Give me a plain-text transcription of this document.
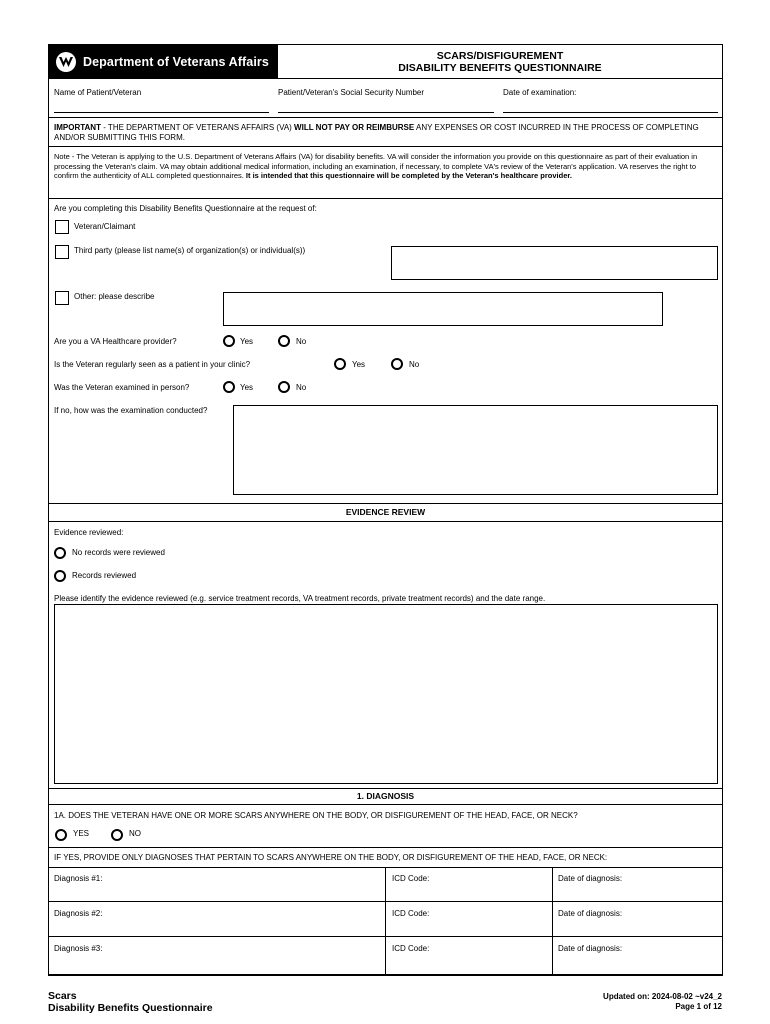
Department of Veterans Affairs	SCARS/DISFIGUREMENT
DISABILITY BENEFITS QUESTIONNAIRE
Name of Patient/Veteran	Patient/Veteran's Social Security Number	Date of examination:
IMPORTANT - THE DEPARTMENT OF VETERANS AFFAIRS (VA) WILL NOT PAY OR REIMBURSE ANY EXPENSES OR COST INCURRED IN THE PROCESS OF COMPLETING AND/OR SUBMITTING THIS FORM.
Note - The Veteran is applying to the U.S. Department of Veterans Affairs (VA) for disability benefits. VA will consider the information you provide on this questionnaire as part of their evaluation in processing the Veteran's claim. VA may obtain additional medical information, including an examination, if necessary, to complete VA's review of the Veteran's application. VA reserves the right to confirm the authenticity of ALL completed questionnaires. It is intended that this questionnaire will be completed by the Veteran's healthcare provider.
Are you completing this Disability Benefits Questionnaire at the request of:
Veteran/Claimant
Third party (please list name(s) of organization(s) or individual(s))
Other: please describe
Are you a VA Healthcare provider?	Yes	No
Is the Veteran regularly seen as a patient in your clinic?	Yes	No
Was the Veteran examined in person?	Yes	No
If no, how was the examination conducted?
EVIDENCE REVIEW
Evidence reviewed:
No records were reviewed
Records reviewed
Please identify the evidence reviewed (e.g. service treatment records, VA treatment records, private treatment records) and the date range.
1. DIAGNOSIS
1A. DOES THE VETERAN HAVE ONE OR MORE SCARS ANYWHERE ON THE BODY, OR DISFIGUREMENT OF THE HEAD, FACE, OR NECK?
YES	NO
IF YES, PROVIDE ONLY DIAGNOSES THAT PERTAIN TO SCARS ANYWHERE ON THE BODY, OR DISFIGUREMENT OF THE HEAD, FACE, OR NECK:
Diagnosis #1:	ICD Code:	Date of diagnosis:
Diagnosis #2:	ICD Code:	Date of diagnosis:
Diagnosis #3:	ICD Code:	Date of diagnosis:
Scars
Disability Benefits Questionnaire
Updated on: 2024-08-02 ~v24_2
Page 1 of 12
